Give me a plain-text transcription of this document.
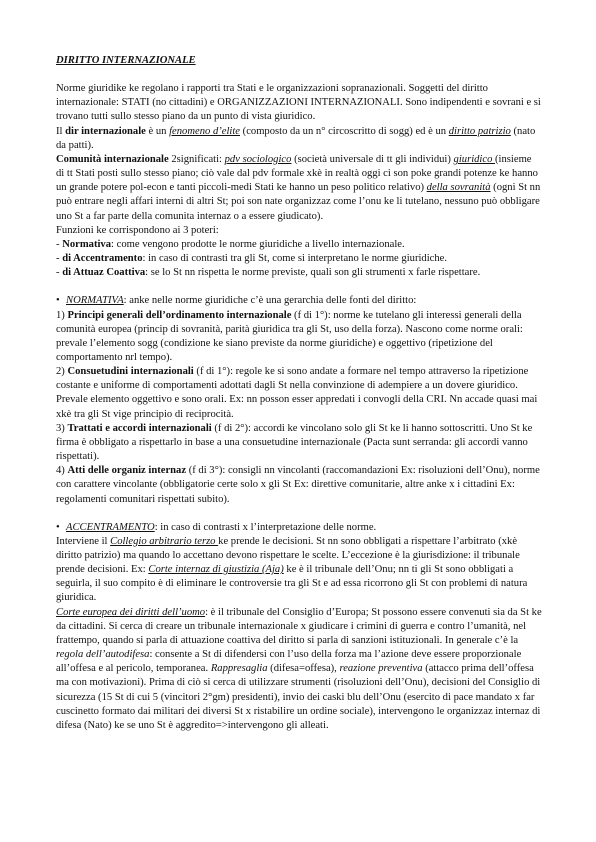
DIRITTO INTERNAZIONALE

Norme giuridike ke regolano i rapporti tra Stati e le organizzazioni sopranazionali. Soggetti del diritto internazionale: STATI (no cittadini) e ORGANIZZAZIONI INTERNAZIONALI. Sono indipendenti e sovrani e si trovano tutti sullo stesso piano da un punto di vista giuridico.

Il dir internazionale è un fenomeno d’elite (composto da un n° circoscritto di sogg) ed è un diritto patrizio (nato da patti).

Comunità internazionale 2significati: pdv sociologico (società universale di tt gli individui) giuridico (insieme di tt Stati posti sullo stesso piano; ciò vale dal pdv formale xkè in realtà oggi ci son poke grandi potenze ke hanno un grande potere pol-econ e tanti piccoli-medi Stati ke hanno un peso politico relativo) della sovranità (ogni St nn può entrare negli affari interni di altri St; poi son nate organizzaz come l’onu ke li tutelano, nessuno può obbligare uno St a far parte della comunita internaz o a essere giudicato).

Funzioni ke corrispondono ai 3 poteri:

- Normativa: come vengono prodotte le norme giuridiche a livello internazionale.

- di Accentramento: in caso di contrasti tra gli St, come si interpretano le norme giuridiche.

- di Attuaz Coattiva: se lo St nn rispetta le norme previste, quali son gli strumenti x farle rispettare.

• NORMATIVA: anke nelle norme giuridiche c’è una gerarchia delle fonti del diritto:

1) Principi generali dell’ordinamento internazionale (f di 1°): norme ke tutelano gli interessi generali della comunità europea (princip di sovranità, parità giuridica tra gli St, uso della forza). Nascono come norme orali: prevale l’elemento sogg (condizione ke siano previste da norme giuridiche) e oggettivo (ripetizione del comportamento nrl tempo).

2) Consuetudini internazionali (f di 1°): regole ke si sono andate a formare nel tempo attraverso la ripetizione costante e uniforme di comportamenti adottati dagli St nella convinzione di adempiere a un dovere giuridico. Prevale elemento oggettivo e sono orali. Ex: nn posson esser appredati i convogli della CRI. Nn accade quasi mai xkè tra gli St vige principio di reciprocità.

3) Trattati e accordi internazionali (f di 2°): accordi ke vincolano solo gli St ke li hanno sottoscritti. Uno St ke firma è obbligato a rispettarlo in base a una consuetudine internazionale (Pacta sunt serranda: gli accordi vanno rispettati).

4) Atti delle organiz internaz (f di 3°): consigli nn vincolanti (raccomandazioni Ex: risoluzioni dell’Onu), norme con carattere vincolante (obbligatorie certe solo x gli St Ex: direttive comunitarie, altre anke x i cittadini Ex: regolamenti comunitari rispettati subito).

• ACCENTRAMENTO: in caso di contrasti x l’interpretazione delle norme.

Interviene il Collegio arbitrario terzo ke prende le decisioni. St nn sono obbligati a rispettare l’arbitrato (xkè diritto patrizio) ma quando lo accettano devono rispettare le scelte. L’eccezione è la giurisdizione: il tribunale prende decisioni. Ex: Corte internaz di giustizia (Aja) ke è il tribunale dell’Onu; nn ti gli St sono obbligati a seguirla, il suo compito è di eliminare le controversie tra gli St e ad essa ricorrono gli St con problemi di natura giuridica.

Corte europea dei diritti dell’uomo: è il tribunale del Consiglio d’Europa; St possono essere convenuti sia da St ke da cittadini. Si cerca di creare un tribunale internazionale x giudicare i crimini di guerra e contro l’umanità, nel frattempo, quando si parla di attuazione coattiva del diritto si parla di sanzioni istituzionali. In generale c’è la regola dell’autodifesa: consente a St di difendersi con l’uso della forza ma l’azione deve essere proporzionale all’offesa e al pericolo, temporanea. Rappresaglia (difesa=offesa), reazione preventiva (attacco prima dell’offesa ma con motivazioni). Prima di ciò si cerca di utilizzare strumenti (risoluzioni dell’Onu), decisioni del Consiglio di sicurezza (15 St di cui 5 (vincitori 2°gm) presidenti), invio dei caski blu dell’Onu (esercito di pace mandato x far cuscinetto formato dai militari dei diversi St x ristabilire un ordine sociale), intervengono le organizzaz internaz di difesa (Nato) ke se uno St è aggredito=>intervengono gli alleati.
